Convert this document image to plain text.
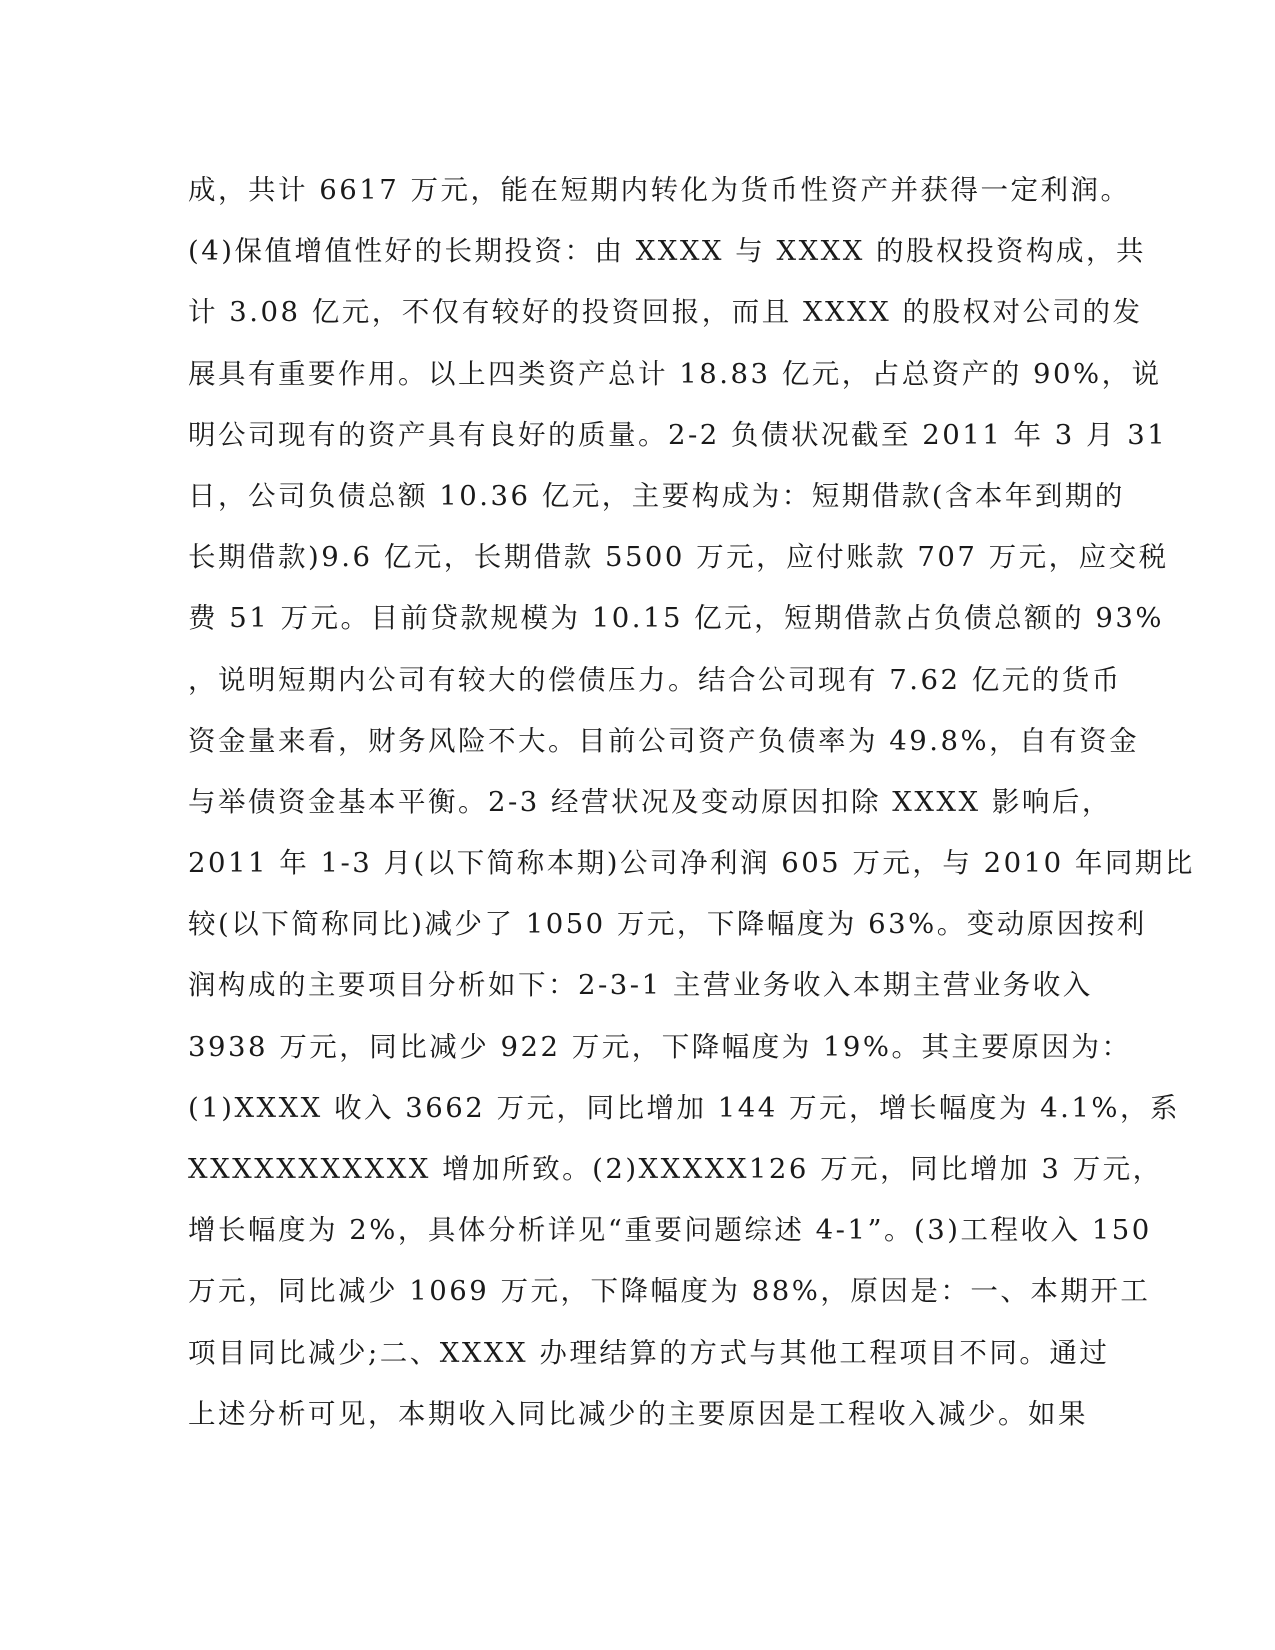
成，共计 6617 万元，能在短期内转化为货币性资产并获得一定利润。
(4)保值增值性好的长期投资：由 XXXX 与 XXXX 的股权投资构成，共
计 3.08 亿元，不仅有较好的投资回报，而且 XXXX 的股权对公司的发
展具有重要作用。以上四类资产总计 18.83 亿元，占总资产的 90%，说
明公司现有的资产具有良好的质量。2-2 负债状况截至 2011 年 3 月 31
日，公司负债总额 10.36 亿元，主要构成为：短期借款(含本年到期的
长期借款)9.6 亿元，长期借款 5500 万元，应付账款 707 万元，应交税
费 51 万元。目前贷款规模为 10.15 亿元，短期借款占负债总额的 93%
，说明短期内公司有较大的偿债压力。结合公司现有 7.62 亿元的货币
资金量来看，财务风险不大。目前公司资产负债率为 49.8%，自有资金
与举债资金基本平衡。2-3 经营状况及变动原因扣除 XXXX 影响后，
2011 年 1-3 月(以下简称本期)公司净利润 605 万元，与 2010 年同期比
较(以下简称同比)减少了 1050 万元，下降幅度为 63%。变动原因按利
润构成的主要项目分析如下：2-3-1 主营业务收入本期主营业务收入
3938 万元，同比减少 922 万元，下降幅度为 19%。其主要原因为：
(1)XXXX 收入 3662 万元，同比增加 144 万元，增长幅度为 4.1%，系
XXXXXXXXXXX 增加所致。(2)XXXXX126 万元，同比增加 3 万元，
增长幅度为 2%，具体分析详见“重要问题综述 4-1”。(3)工程收入 150
万元，同比减少 1069 万元，下降幅度为 88%，原因是：一、本期开工
项目同比减少;二、XXXX 办理结算的方式与其他工程项目不同。通过
上述分析可见，本期收入同比减少的主要原因是工程收入减少。如果
